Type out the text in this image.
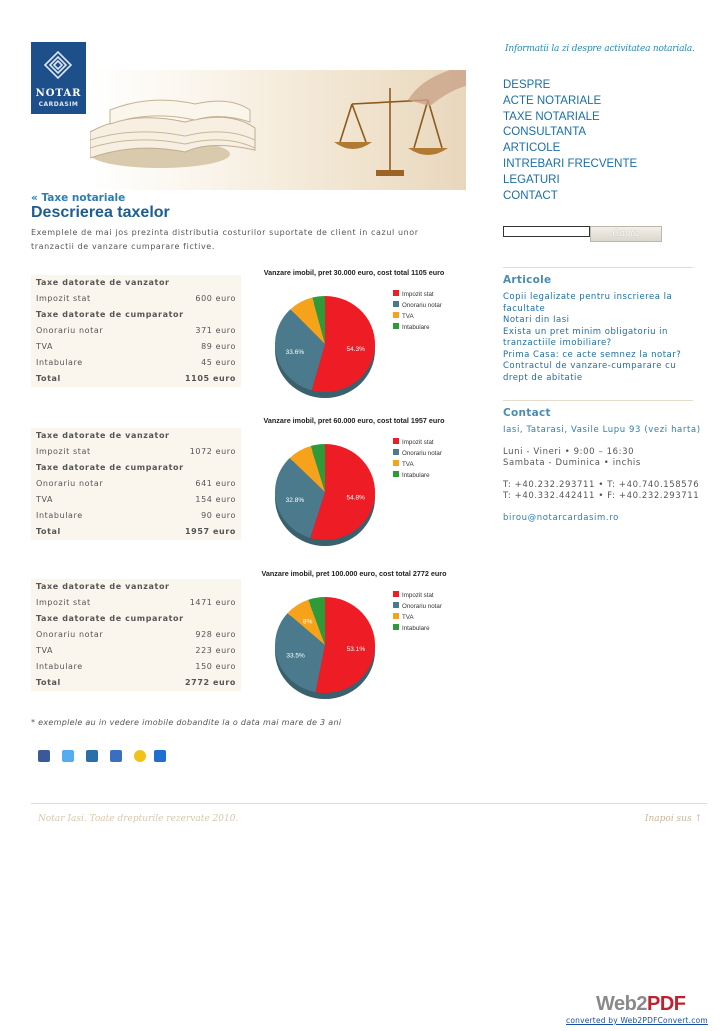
NOTAR
CARDASIM
Informatii la zi despre activitatea notariala.
DESPRE
ACTE NOTARIALE
TAXE NOTARIALE
CONSULTANTA
ARTICOLE
INTREBARI FRECVENTE
LEGATURI
CONTACT
Cauta
« Taxe notariale
Descrierea taxelor
Exemplele de mai jos prezinta distributia costurilor suportate de client in cazul unor tranzactii de vanzare cumparare fictive.
Taxe datorate de vanzator
Impozit stat	600 euro
Taxe datorate de cumparator
Onorariu notar	371 euro
TVA	89 euro
Intabulare	45 euro
Total	1105 euro
Vanzare imobil, pret 30.000 euro, cost total 1105 euro
54.3%
33.6%
Impozit stat
Onorariu notar
TVA
Intabulare
Taxe datorate de vanzator
Impozit stat	1072 euro
Taxe datorate de cumparator
Onorariu notar	641 euro
TVA	154 euro
Intabulare	90 euro
Total	1957 euro
Vanzare imobil, pret 60.000 euro, cost total 1957 euro
54.8%
32.8%
Impozit stat
Onorariu notar
TVA
Intabulare
Taxe datorate de vanzator
Impozit stat	1471 euro
Taxe datorate de cumparator
Onorariu notar	928 euro
TVA	223 euro
Intabulare	150 euro
Total	2772 euro
Vanzare imobil, pret 100.000 euro, cost total 2772 euro
53.1%
33.5%
8%
Impozit stat
Onorariu notar
TVA
Intabulare
* exemplele au in vedere imobile dobandite la o data mai mare de 3 ani
Articole
Copii legalizate pentru inscrierea la facultate
Notari din Iasi
Exista un pret minim obligatoriu in tranzactiile imobiliare?
Prima Casa: ce acte semnez la notar?
Contractul de vanzare-cumparare cu drept de abitatie
Contact
Iasi, Tatarasi, Vasile Lupu 93 (vezi harta)
Luni - Vineri • 9:00 – 16:30
Sambata - Duminica • inchis
T: +40.232.293711 • T: +40.740.158576
T: +40.332.442411 • F: +40.232.293711
birou@notarcardasim.ro
Notar Iasi. Toate drepturile rezervate 2010.	Inapoi sus ↑
Web2PDF
converted by Web2PDFConvert.com
